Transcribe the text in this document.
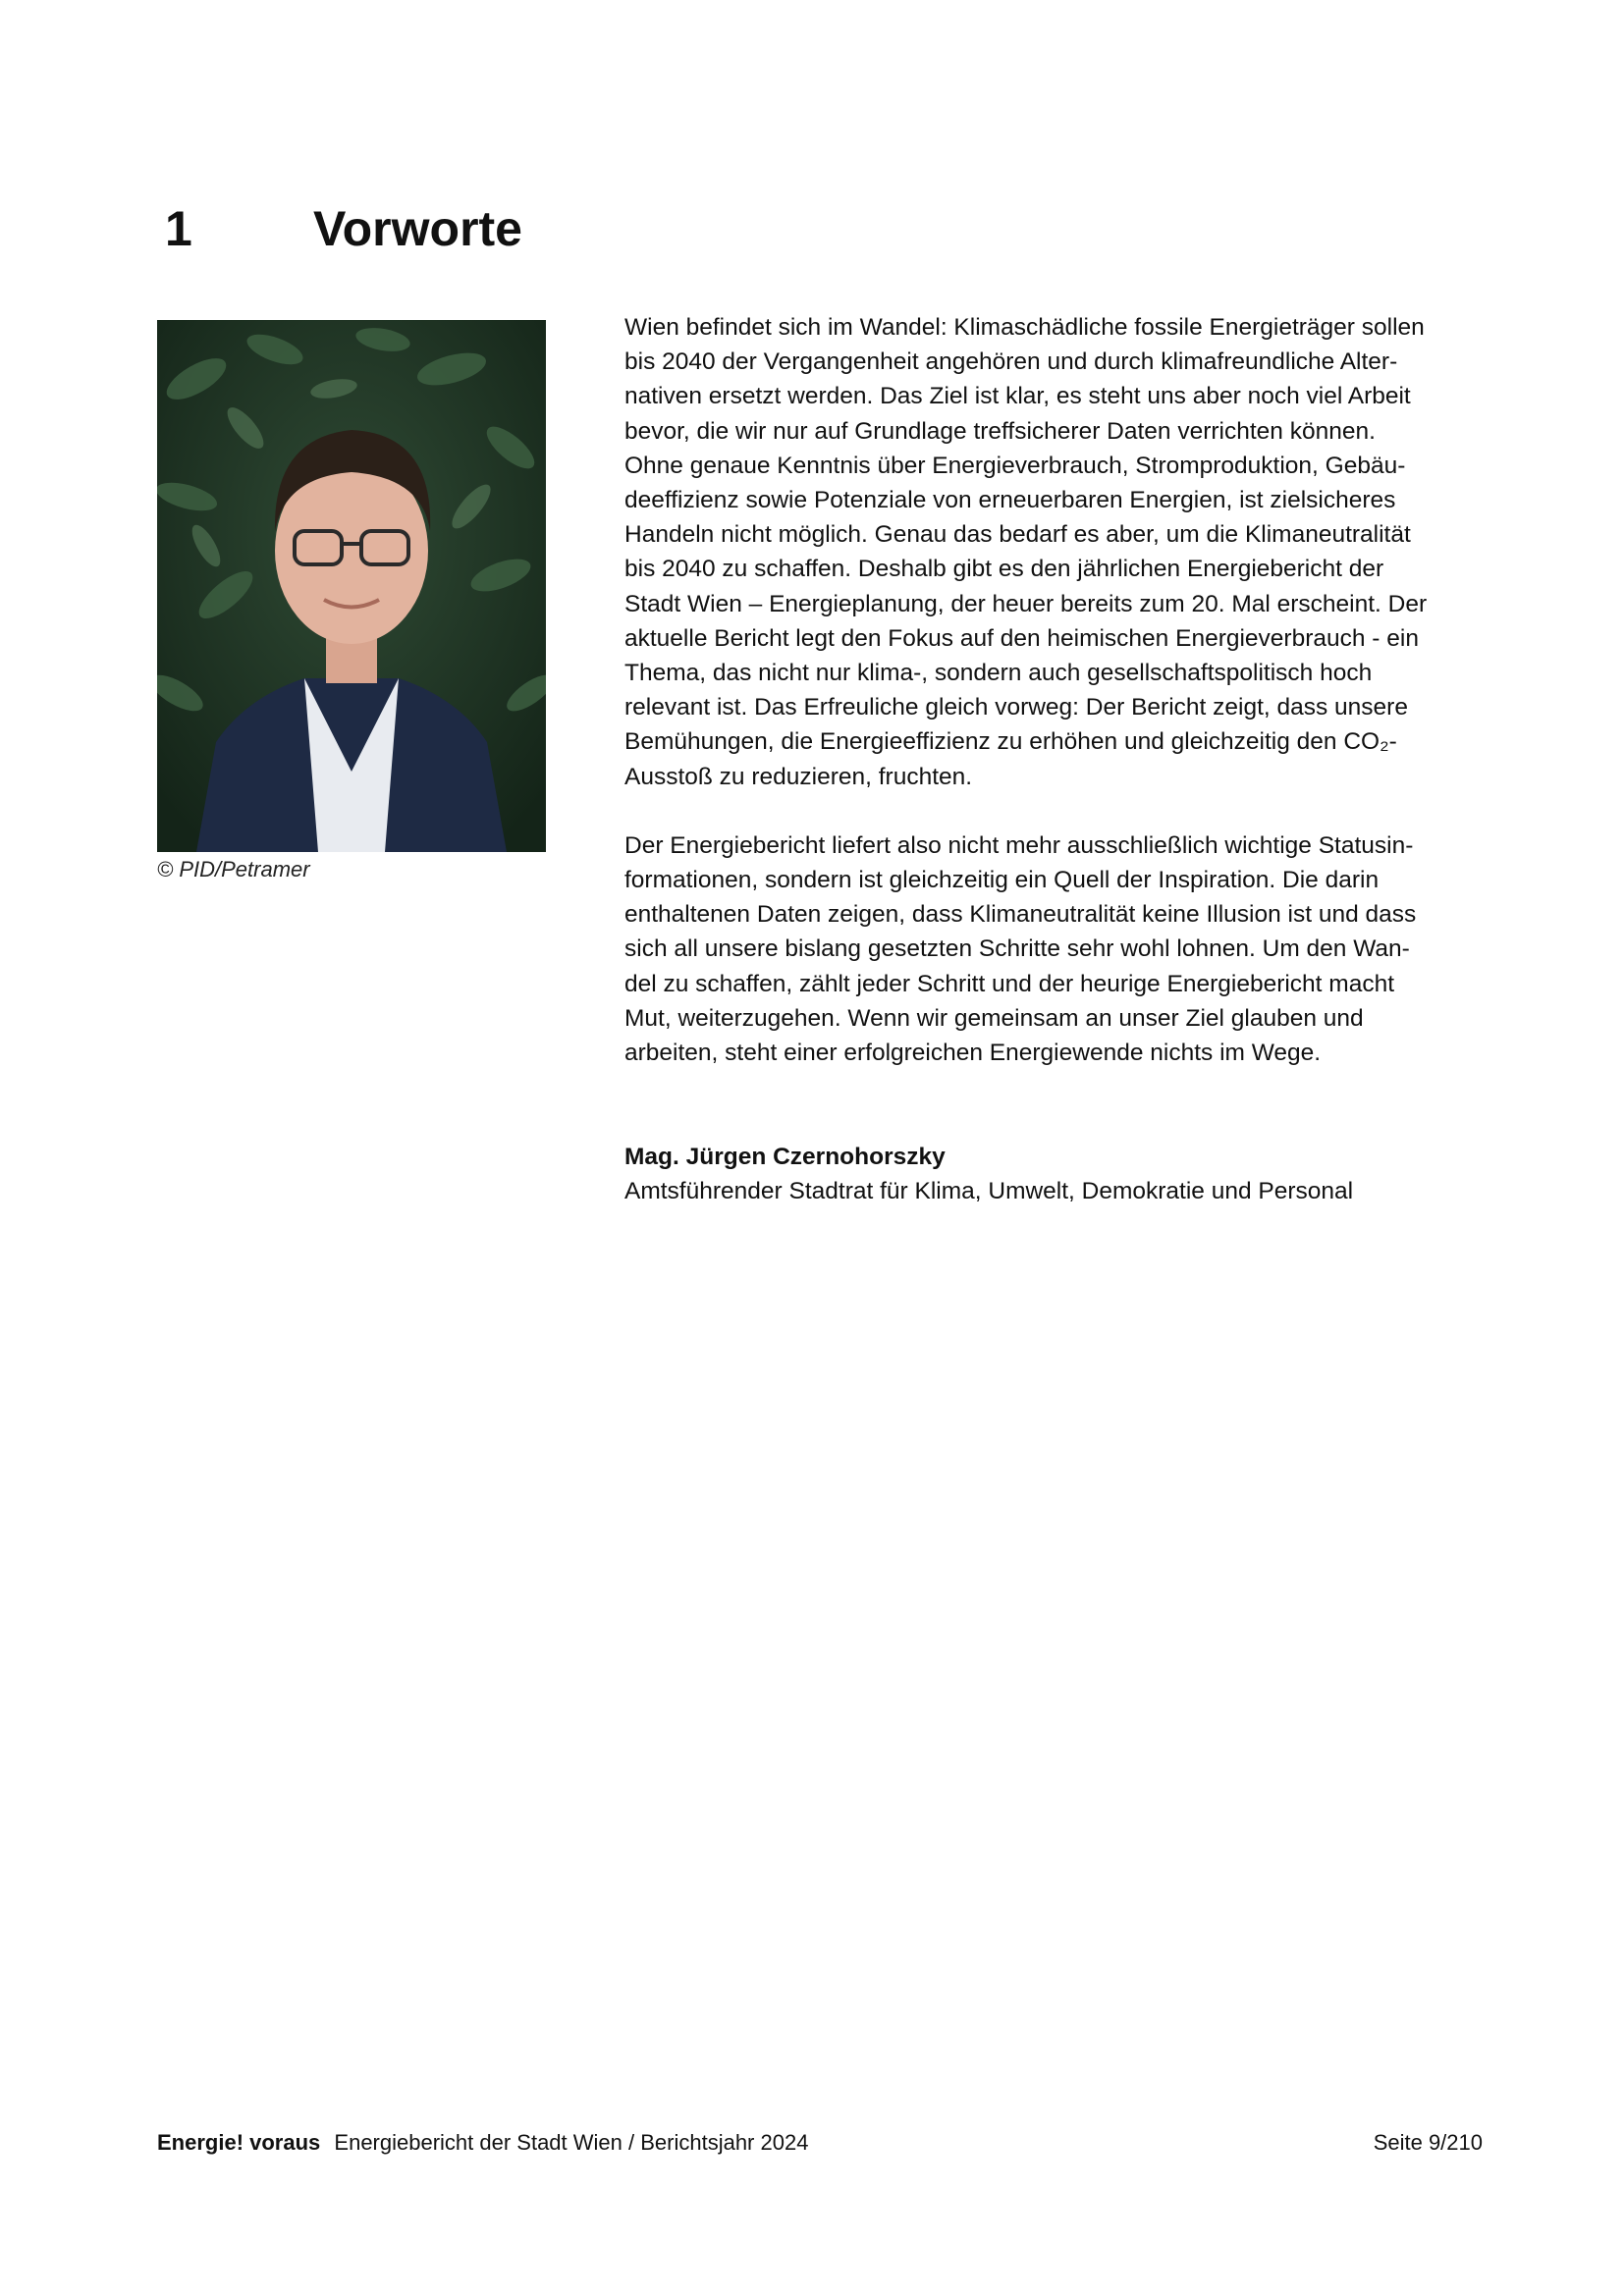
1 Vorworte
© PID/Petramer
Wien befindet sich im Wandel: Klimaschädliche fossile Energieträger sollen
bis 2040 der Vergangenheit angehören und durch klimafreundliche Alter-
nativen ersetzt werden. Das Ziel ist klar, es steht uns aber noch viel Arbeit
bevor, die wir nur auf Grundlage treffsicherer Daten verrichten können.
Ohne genaue Kenntnis über Energieverbrauch, Stromproduktion, Gebäu-
deeffizienz sowie Potenziale von erneuerbaren Energien, ist zielsicheres
Handeln nicht möglich. Genau das bedarf es aber, um die Klimaneutralität
bis 2040 zu schaffen. Deshalb gibt es den jährlichen Energiebericht der
Stadt Wien – Energieplanung, der heuer bereits zum 20. Mal erscheint. Der
aktuelle Bericht legt den Fokus auf den heimischen Energieverbrauch - ein
Thema, das nicht nur klima-, sondern auch gesellschaftspolitisch hoch
relevant ist. Das Erfreuliche gleich vorweg: Der Bericht zeigt, dass unsere
Bemühungen, die Energieeffizienz zu erhöhen und gleichzeitig den CO₂-
Ausstoß zu reduzieren, fruchten.
Der Energiebericht liefert also nicht mehr ausschließlich wichtige Statusin-
formationen, sondern ist gleichzeitig ein Quell der Inspiration. Die darin
enthaltenen Daten zeigen, dass Klimaneutralität keine Illusion ist und dass
sich all unsere bislang gesetzten Schritte sehr wohl lohnen. Um den Wan-
del zu schaffen, zählt jeder Schritt und der heurige Energiebericht macht
Mut, weiterzugehen. Wenn wir gemeinsam an unser Ziel glauben und
arbeiten, steht einer erfolgreichen Energiewende nichts im Wege.
Mag. Jürgen Czernohorszky
Amtsführender Stadtrat für Klima, Umwelt, Demokratie und Personal
Energie! voraus Energiebericht der Stadt Wien / Berichtsjahr 2024	Seite 9/210
